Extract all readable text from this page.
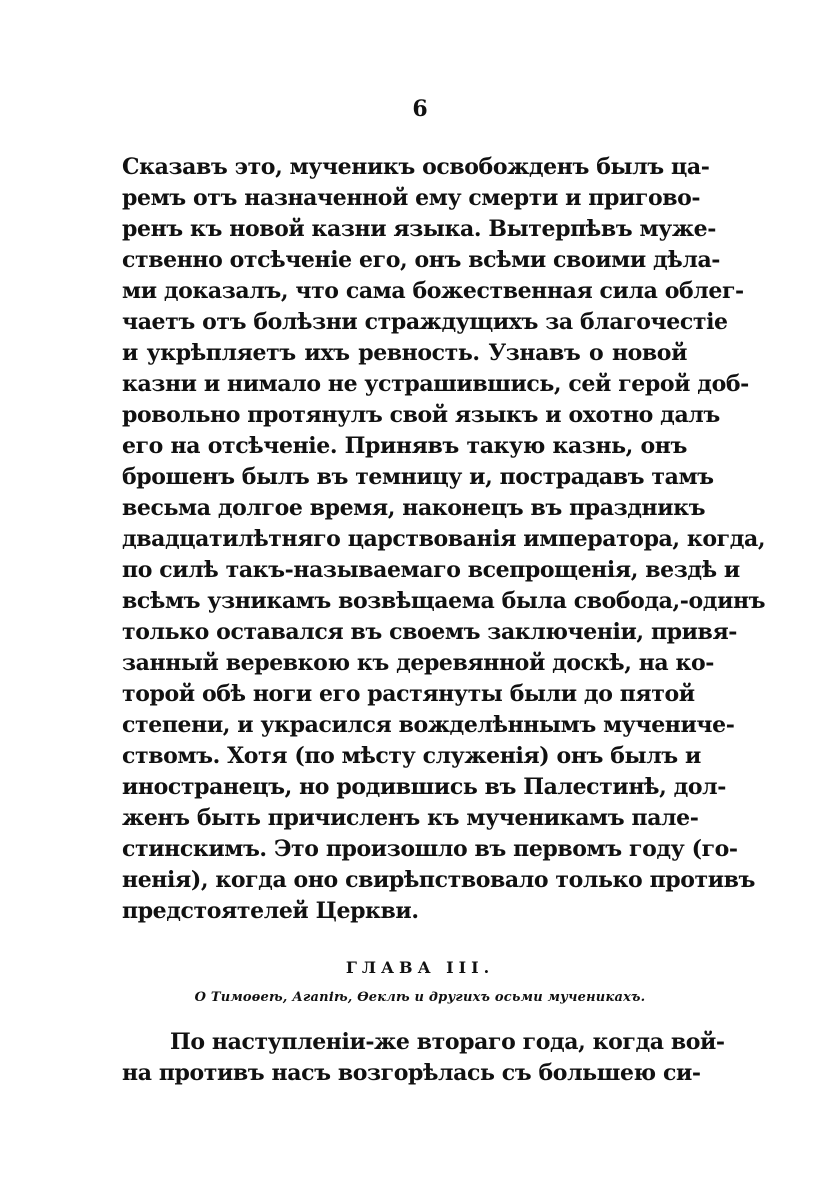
6
Сказавъ это, мученикъ освобожденъ былъ ца-
ремъ отъ назначенной ему смерти и пригово-
ренъ къ новой казни языка. Вытерпѣвъ муже-
ственно отсѣченіе его, онъ всѣми своими дѣла-
ми доказалъ, что сама божественная сила облег-
чаетъ отъ болѣзни страждущихъ за благочестіе
и укрѣпляетъ ихъ ревность. Узнавъ о новой
казни и нимало не устрашившись, сей герой доб-
ровольно протянулъ свой языкъ и охотно далъ
его на отсѣченіе. Принявъ такую казнь, онъ
брошенъ былъ въ темницу и, пострадавъ тамъ
весьма долгое время, наконецъ въ праздникъ
двадцатилѣтняго царствованія императора, когда,
по силѣ такъ-называемаго всепрощенія, вездѣ и
всѣмъ узникамъ возвѣщаема была свобода,-одинъ
только оставался въ своемъ заключеніи, привя-
занный веревкою къ деревянной доскѣ, на ко-
торой обѣ ноги его растянуты были до пятой
степени, и украсился вожделѣннымъ мучениче-
ствомъ. Хотя (по мѣсту служенія) онъ былъ и
иностранецъ, но родившись въ Палестинѣ, дол-
женъ быть причисленъ къ мученикамъ пале-
стинскимъ. Это произошло въ первомъ году (го-
ненія), когда оно свирѣпствовало только противъ
предстоятелей Церкви.
ГЛАВА III.
О Тимоѳеѣ, Агапіѣ, Ѳеклѣ и другихъ осьми мученикахъ.
По наступленіи-же втораго года, когда вой-
на противъ насъ возгорѣлась съ большею си-
